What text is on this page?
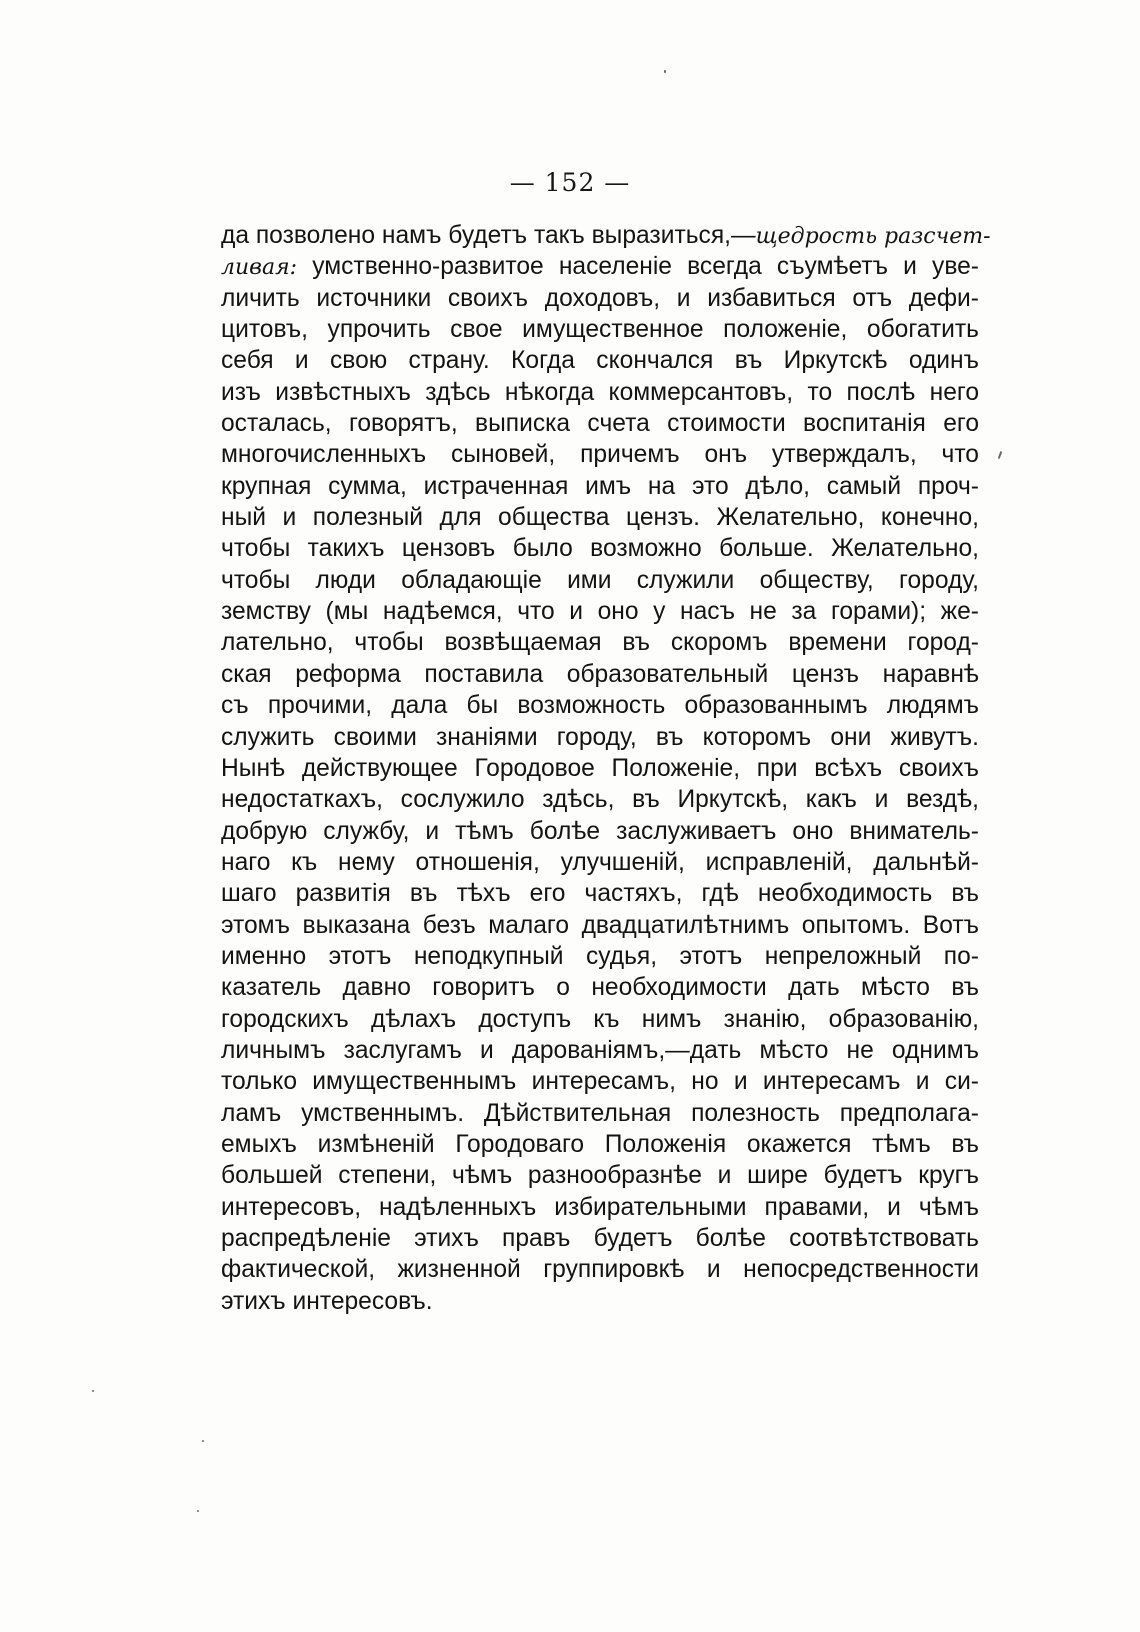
— 152 —
да позволено намъ будетъ такъ выразиться,—щедрость разсчет-
ливая: умственно-развитое населеніе всегда съумѣетъ и уве-
личить источники своихъ доходовъ, и избавиться отъ дефи-
цитовъ, упрочить свое имущественное положеніе, обогатить
себя и свою страну. Когда скончался въ Иркутскѣ одинъ
изъ извѣстныхъ здѣсь нѣкогда коммерсантовъ, то послѣ него
осталась, говорятъ, выписка счета стоимости воспитанія его
многочисленныхъ сыновей, причемъ онъ утверждалъ, что
крупная сумма, истраченная имъ на это дѣло, самый проч-
ный и полезный для общества цензъ. Желательно, конечно,
чтобы такихъ цензовъ было возможно больше. Желательно,
чтобы люди обладающіе ими служили обществу, городу,
земству (мы надѣемся, что и оно у насъ не за горами); же-
лательно, чтобы возвѣщаемая въ скоромъ времени город-
ская реформа поставила образовательный цензъ наравнѣ
съ прочими, дала бы возможность образованнымъ людямъ
служить своими знаніями городу, въ которомъ они живутъ.
Нынѣ действующее Городовое Положеніе, при всѣхъ своихъ
недостаткахъ, сослужило здѣсь, въ Иркутскѣ, какъ и вездѣ,
добрую службу, и тѣмъ болѣе заслуживаетъ оно вниматель-
наго къ нему отношенія, улучшеній, исправленій, дальнѣй-
шаго развитія въ тѣхъ его частяхъ, гдѣ необходимость въ
этомъ выказана безъ малаго двадцатилѣтнимъ опытомъ. Вотъ
именно этотъ неподкупный судья, этотъ непреложный по-
казатель давно говоритъ о необходимости дать мѣсто въ
городскихъ дѣлахъ доступъ къ нимъ знанію, образованію,
личнымъ заслугамъ и дарованіямъ,—дать мѣсто не однимъ
только имущественнымъ интересамъ, но и интересамъ и си-
ламъ умственнымъ. Дѣйствительная полезность предполага-
емыхъ измѣненій Городоваго Положенія окажется тѣмъ въ
большей степени, чѣмъ разнообразнѣе и шире будетъ кругъ
интересовъ, надѣленныхъ избирательными правами, и чѣмъ
распредѣленіе этихъ правъ будетъ болѣе соотвѣтствовать
фактической, жизненной группировкѣ и непосредственности
этихъ интересовъ.
